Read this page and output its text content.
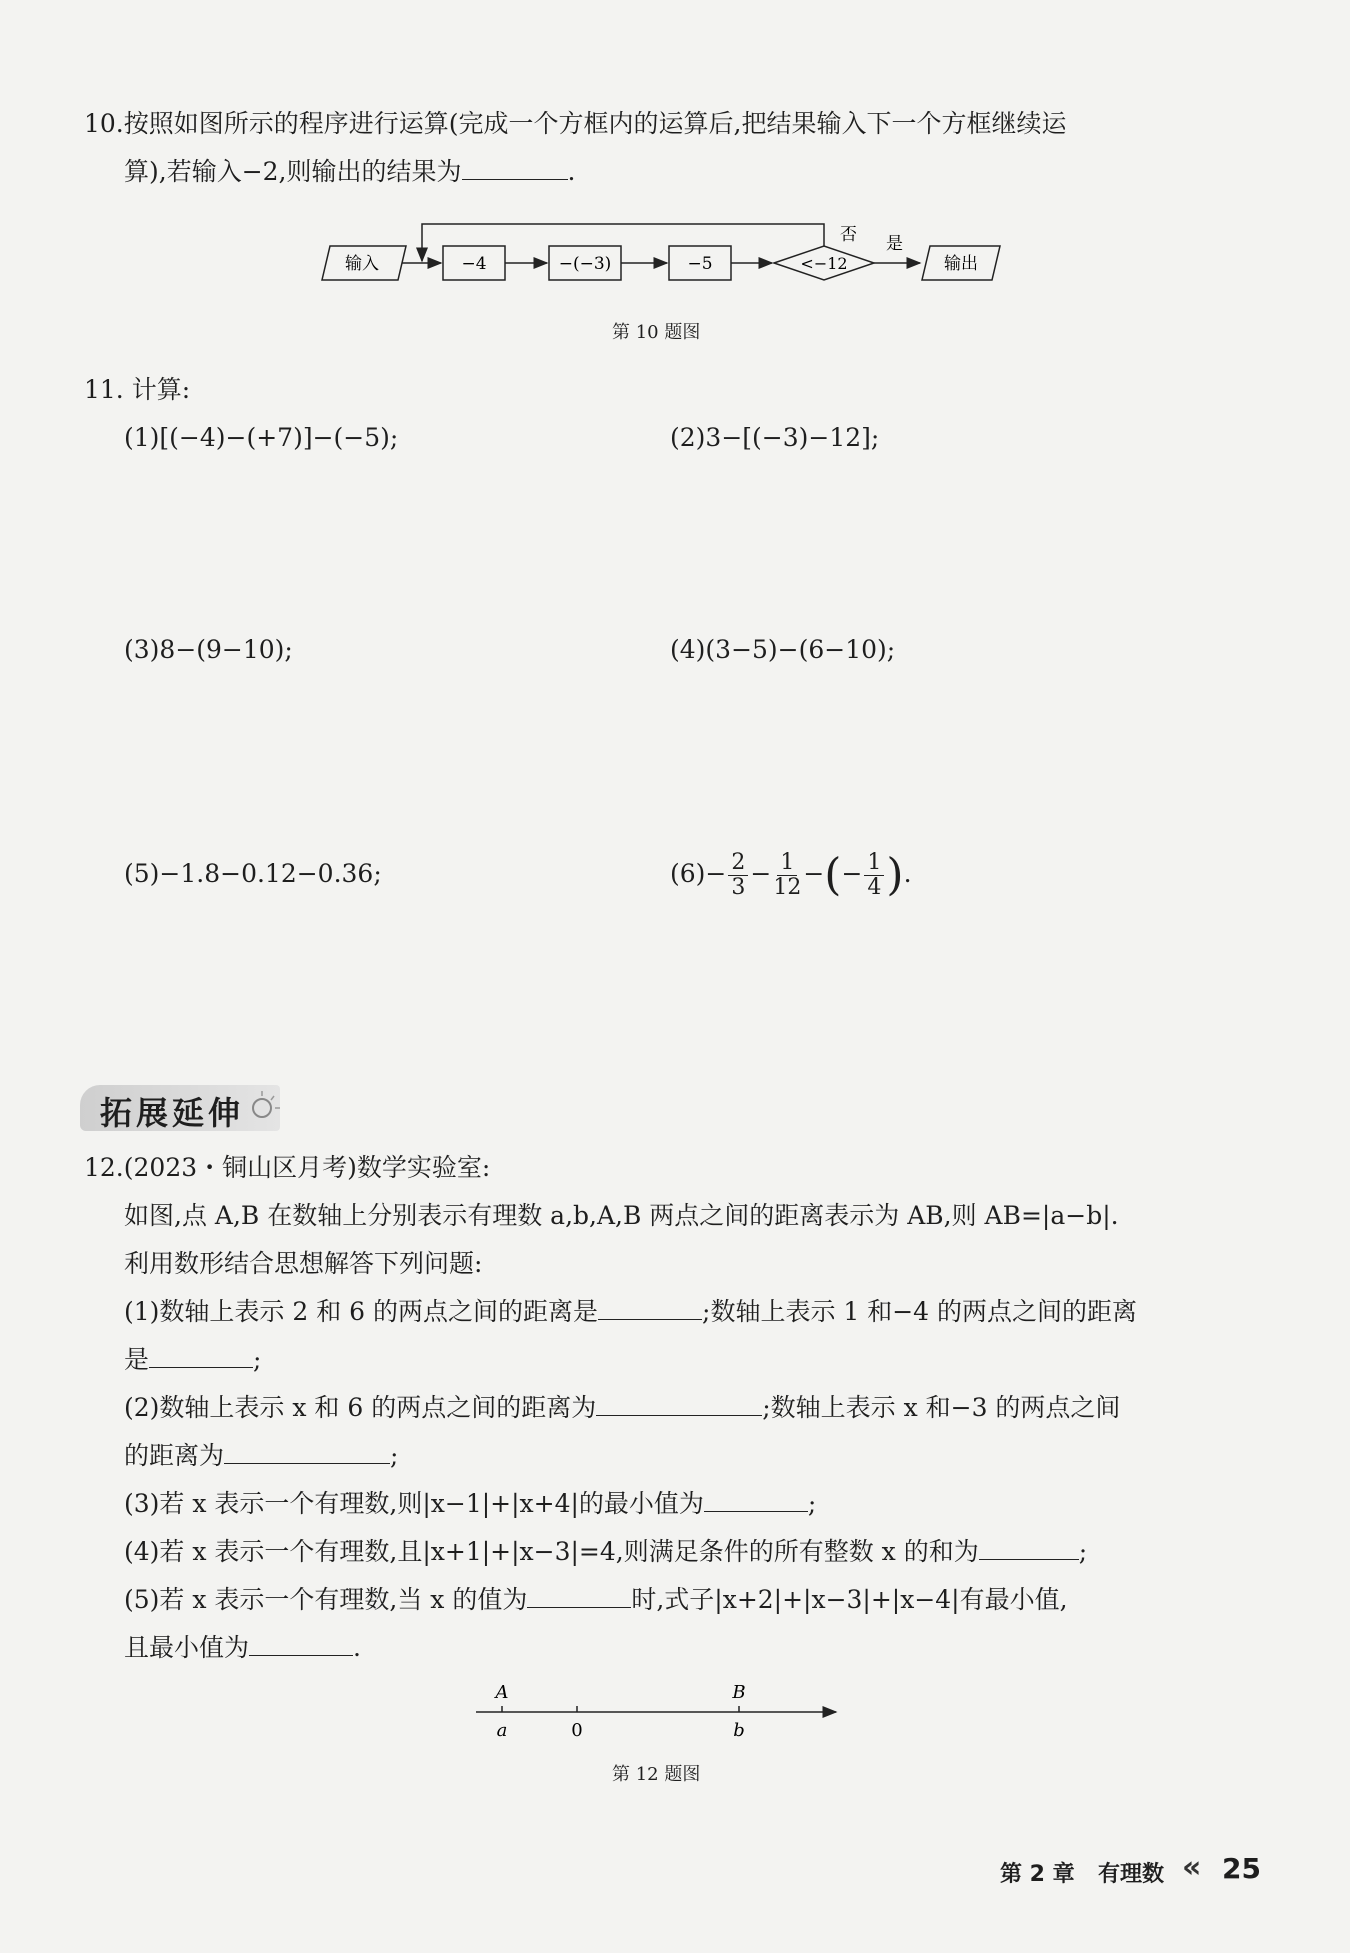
10.按照如图所示的程序进行运算(完成一个方框内的运算后,把结果输入下一个方框继续运
算),若输入−2,则输出的结果为	.
输入	−4	−(−3)	−5	<−12
否 是
输出
第 10 题图
11. 计算:
(1)[(−4)−(+7)]−(−5);	(2)3−[(−3)−12];
(3)8−(9−10);	(4)(3−5)−(6−10);
(5)−1.8−0.12−0.36;	$(6)- \frac{2}{3} - \frac{1}{12}$ −(− $\frac{1}{4}$ ).
拓展延伸
12.(2023・铜山区月考)数学实验室:
如图,点 A,B 在数轴上分别表示有理数 a,b,A,B 两点之间的距离表示为 AB,则 AB=|a−b|.
利用数形结合思想解答下列问题:
(1)数轴上表示 2 和 6 的两点之间的距离是	;数轴上表示 1 和−4 的两点之间的距离
是	;
(2)数轴上表示 x 和 6 的两点之间的距离为	;数轴上表示 x 和−3 的两点之间
的距离为	;
(3)若 x 表示一个有理数,则|x−1|+|x+4|的最小值为	;
(4)若 x 表示一个有理数,且|x+1|+|x−3|=4,则满足条件的所有整数 x 的和为	;
(5)若 x 表示一个有理数,当 x 的值为	时,式子|x+2|+|x−3|+|x−4|有最小值,
且最小值为	.
A	B
a	0	b
第 12 题图
第 2 章 有理数 « 25
